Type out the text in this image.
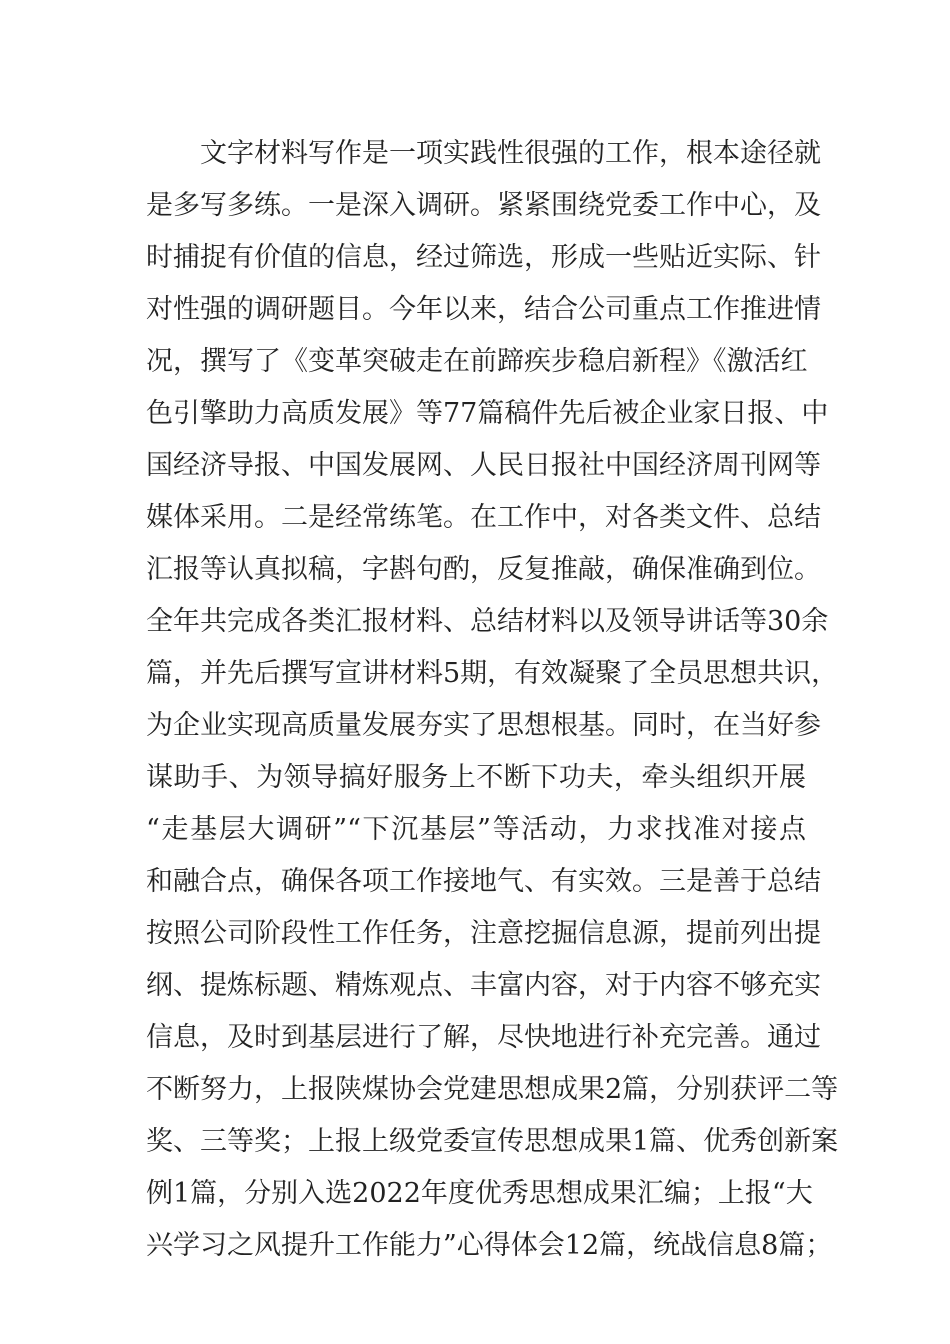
文字材料写作是一项实践性很强的工作，根本途径就
是多写多练。一是深入调研。紧紧围绕党委工作中心，及
时捕捉有价值的信息，经过筛选，形成一些贴近实际、针
对性强的调研题目。今年以来，结合公司重点工作推进情
况，撰写了《变革突破走在前蹄疾步稳启新程》《激活红
色引擎助力高质发展》等77篇稿件先后被企业家日报、中
国经济导报、中国发展网、人民日报社中国经济周刊网等
媒体采用。二是经常练笔。在工作中，对各类文件、总结
汇报等认真拟稿，字斟句酌，反复推敲，确保准确到位。
全年共完成各类汇报材料、总结材料以及领导讲话等30余
篇，并先后撰写宣讲材料5期，有效凝聚了全员思想共识，
为企业实现高质量发展夯实了思想根基。同时，在当好参
谋助手、为领导搞好服务上不断下功夫，牵头组织开展
“走基层大调研”“下沉基层”等活动，力求找准对接点
和融合点，确保各项工作接地气、有实效。三是善于总结
按照公司阶段性工作任务，注意挖掘信息源，提前列出提
纲、提炼标题、精炼观点、丰富内容，对于内容不够充实
信息，及时到基层进行了解，尽快地进行补充完善。通过
不断努力，上报陕煤协会党建思想成果2篇，分别获评二等
奖、三等奖；上报上级党委宣传思想成果1篇、优秀创新案
例1篇，分别入选2022年度优秀思想成果汇编；上报“大
兴学习之风提升工作能力”心得体会12篇，统战信息8篇；
